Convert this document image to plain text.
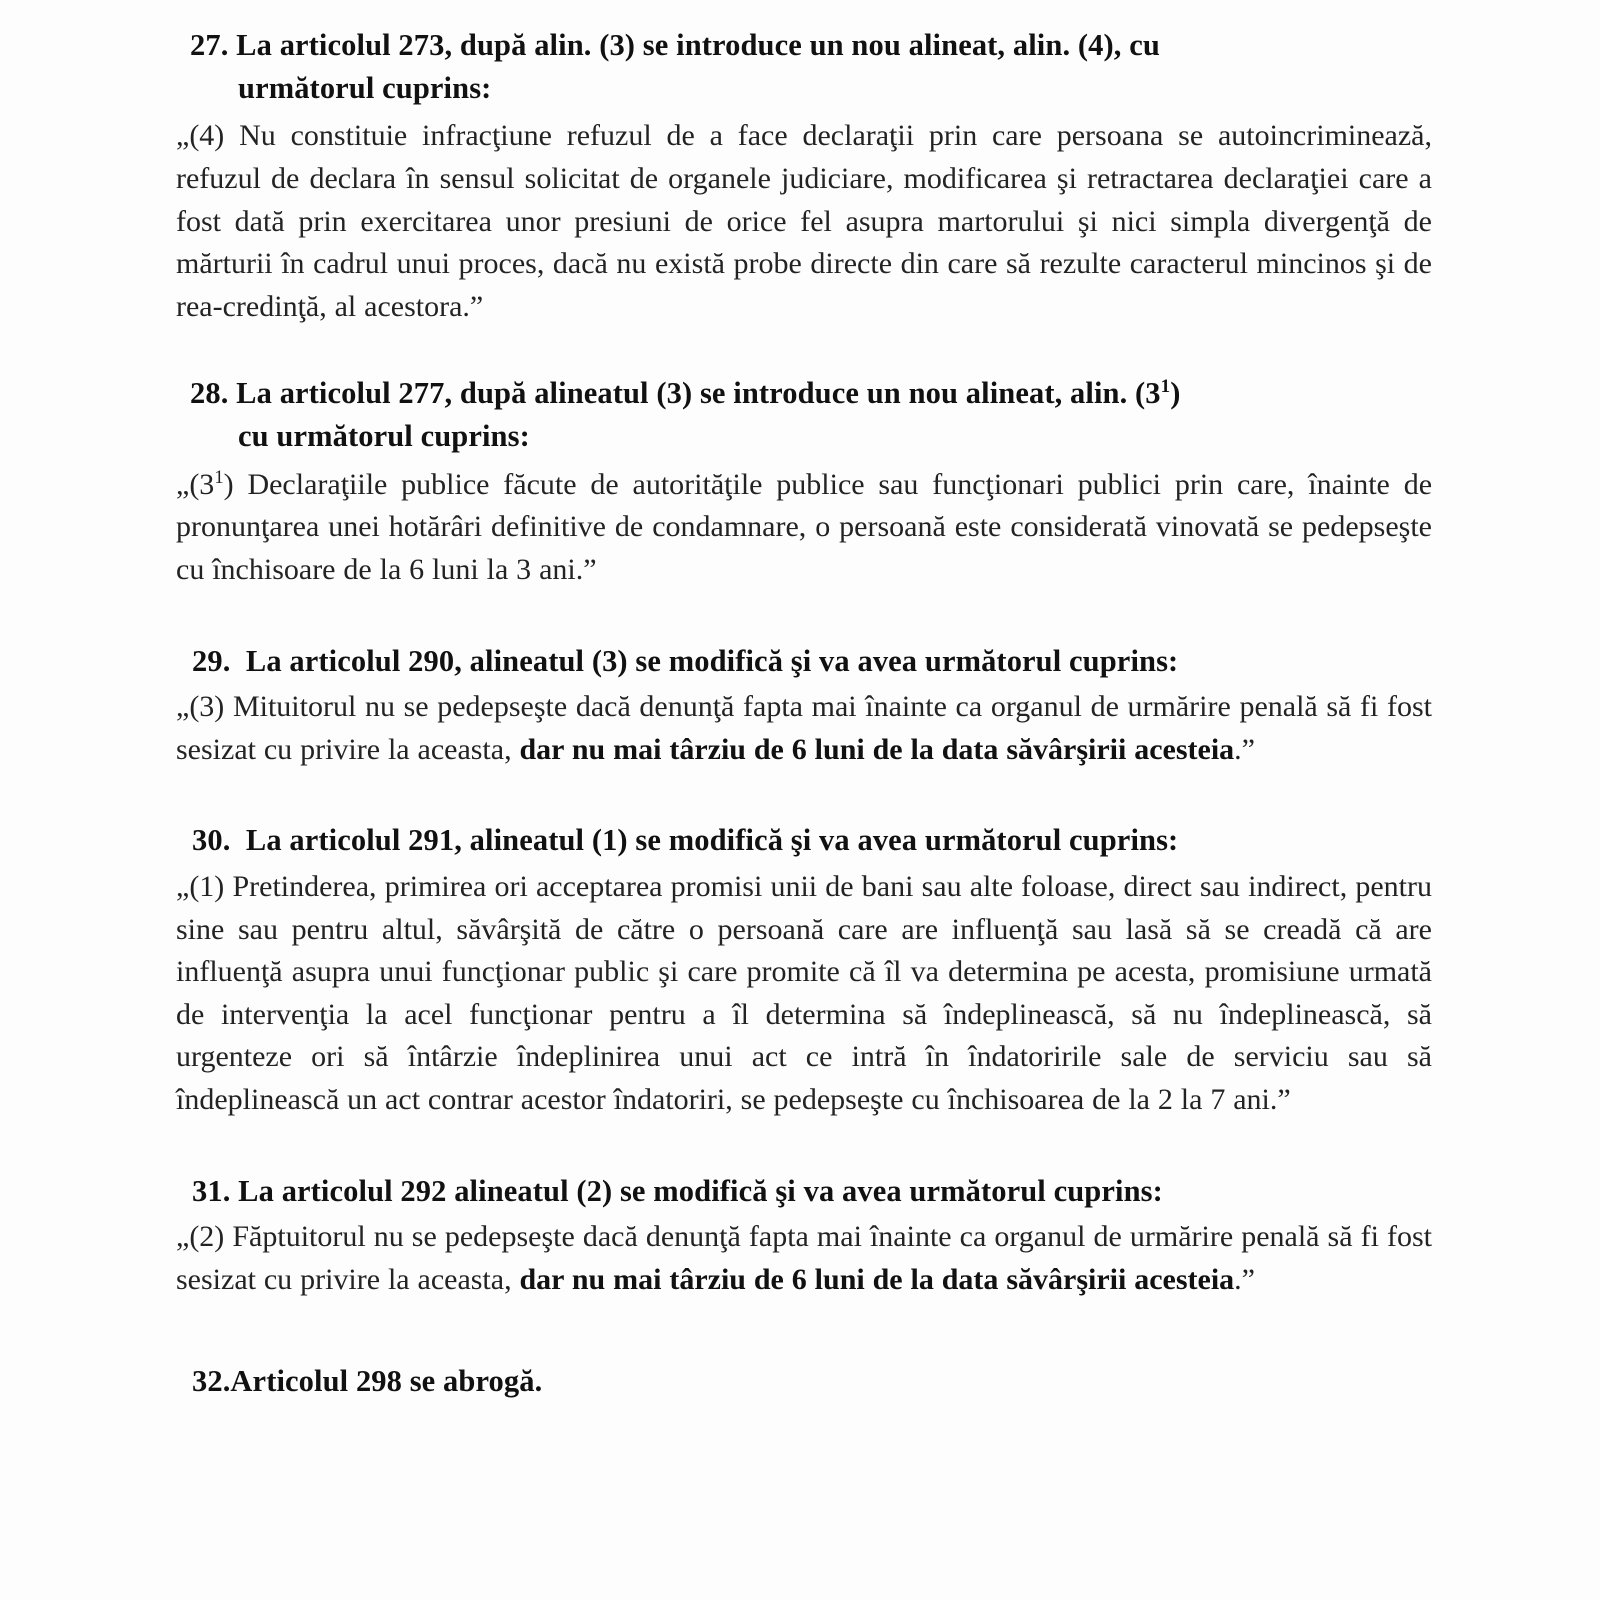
27. La articolul 273, după alin. (3) se introduce un nou alineat, alin. (4), cu
următorul cuprins:

„(4) Nu constituie infracţiune refuzul de a face declaraţii prin care persoana se autoincriminează, refuzul de declara în sensul solicitat de organele judiciare, modificarea şi retractarea declaraţiei care a fost dată prin exercitarea unor presiuni de orice fel asupra martorului şi nici simpla divergenţă de mărturii în cadrul unui proces, dacă nu există probe directe din care să rezulte caracterul mincinos şi de rea-credinţă, al acestora.”

28. La articolul 277, după alineatul (3) se introduce un nou alineat, alin. $(3^1)$
cu următorul cuprins:

$„(3^1)$ Declaraţiile publice făcute de autorităţile publice sau funcţionari publici prin care, înainte de pronunţarea unei hotărâri definitive de condamnare, o persoană este considerată vinovată se pedepseşte cu închisoare de la 6 luni la 3 ani.”

29. La articolul 290, alineatul (3) se modifică şi va avea următorul cuprins:

„(3) Mituitorul nu se pedepseşte dacă denunţă fapta mai înainte ca organul de urmărire penală să fi fost sesizat cu privire la aceasta, dar nu mai târziu de 6 luni de la data săvârşirii acesteia.”

30. La articolul 291, alineatul (1) se modifică şi va avea următorul cuprins:

„(1) Pretinderea, primirea ori acceptarea promisi unii de bani sau alte foloase, direct sau indirect, pentru sine sau pentru altul, săvârşită de către o persoană care are influenţă sau lasă să se creadă că are influenţă asupra unui funcţionar public şi care promite că îl va determina pe acesta, promisiune urmată de intervenţia la acel funcţionar pentru a îl determina să îndeplinească, să nu îndeplinească, să urgenteze ori să întârzie îndeplinirea unui act ce intră în îndatoririle sale de serviciu sau să îndeplinească un act contrar acestor îndatoriri, se pedepseşte cu închisoarea de la 2 la 7 ani.”

31. La articolul 292 alineatul (2) se modifică şi va avea următorul cuprins:

„(2) Făptuitorul nu se pedepseşte dacă denunţă fapta mai înainte ca organul de urmărire penală să fi fost sesizat cu privire la aceasta, dar nu mai târziu de 6 luni de la data săvârşirii acesteia.”

32.Articolul 298 se abrogă.
